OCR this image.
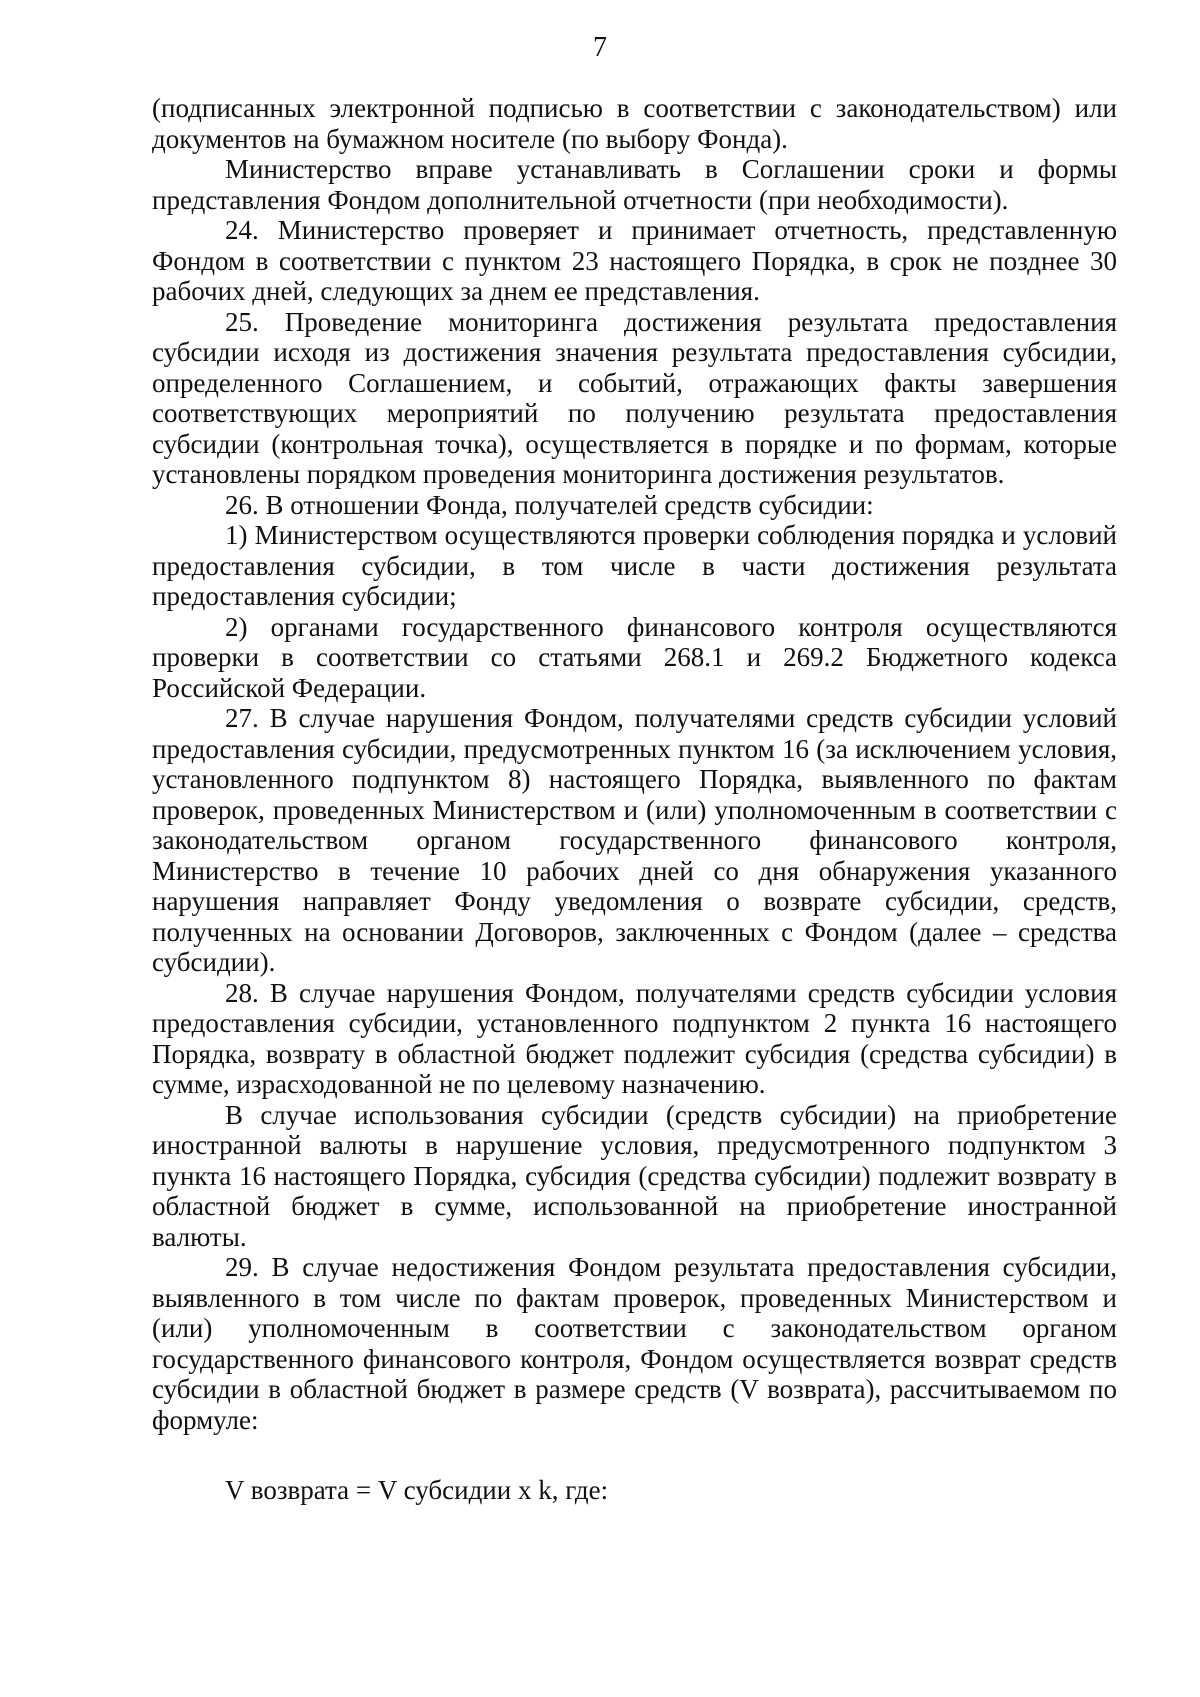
7

(подписанных электронной подписью в соответствии с законодательством) или документов на бумажном носителе (по выбору Фонда).

Министерство вправе устанавливать в Соглашении сроки и формы представления Фондом дополнительной отчетности (при необходимости).

24. Министерство проверяет и принимает отчетность, представленную Фондом в соответствии с пунктом 23 настоящего Порядка, в срок не позднее 30 рабочих дней, следующих за днем ее представления.

25. Проведение мониторинга достижения результата предоставления субсидии исходя из достижения значения результата предоставления субсидии, определенного Соглашением, и событий, отражающих факты завершения соответствующих мероприятий по получению результата предоставления субсидии (контрольная точка), осуществляется в порядке и по формам, которые установлены порядком проведения мониторинга достижения результатов.

26. В отношении Фонда, получателей средств субсидии:

1) Министерством осуществляются проверки соблюдения порядка и условий предоставления субсидии, в том числе в части достижения результата предоставления субсидии;

2) органами государственного финансового контроля осуществляются проверки в соответствии со статьями 268.1 и 269.2 Бюджетного кодекса Российской Федерации.

27. В случае нарушения Фондом, получателями средств субсидии условий предоставления субсидии, предусмотренных пунктом 16 (за исключением условия, установленного подпунктом 8) настоящего Порядка, выявленного по фактам проверок, проведенных Министерством и (или) уполномоченным в соответствии с законодательством органом государственного финансового контроля, Министерство в течение 10 рабочих дней со дня обнаружения указанного нарушения направляет Фонду уведомления о возврате субсидии, средств, полученных на основании Договоров, заключенных с Фондом (далее – средства субсидии).

28. В случае нарушения Фондом, получателями средств субсидии условия предоставления субсидии, установленного подпунктом 2 пункта 16 настоящего Порядка, возврату в областной бюджет подлежит субсидия (средства субсидии) в сумме, израсходованной не по целевому назначению.

В случае использования субсидии (средств субсидии) на приобретение иностранной валюты в нарушение условия, предусмотренного подпунктом 3 пункта 16 настоящего Порядка, субсидия (средства субсидии) подлежит возврату в областной бюджет в сумме, использованной на приобретение иностранной валюты.

29. В случае недостижения Фондом результата предоставления субсидии, выявленного в том числе по фактам проверок, проведенных Министерством и (или) уполномоченным в соответствии с законодательством органом государственного финансового контроля, Фондом осуществляется возврат средств субсидии в областной бюджет в размере средств (V возврата), рассчитываемом по формуле:

V возврата = V субсидии x k, где:
